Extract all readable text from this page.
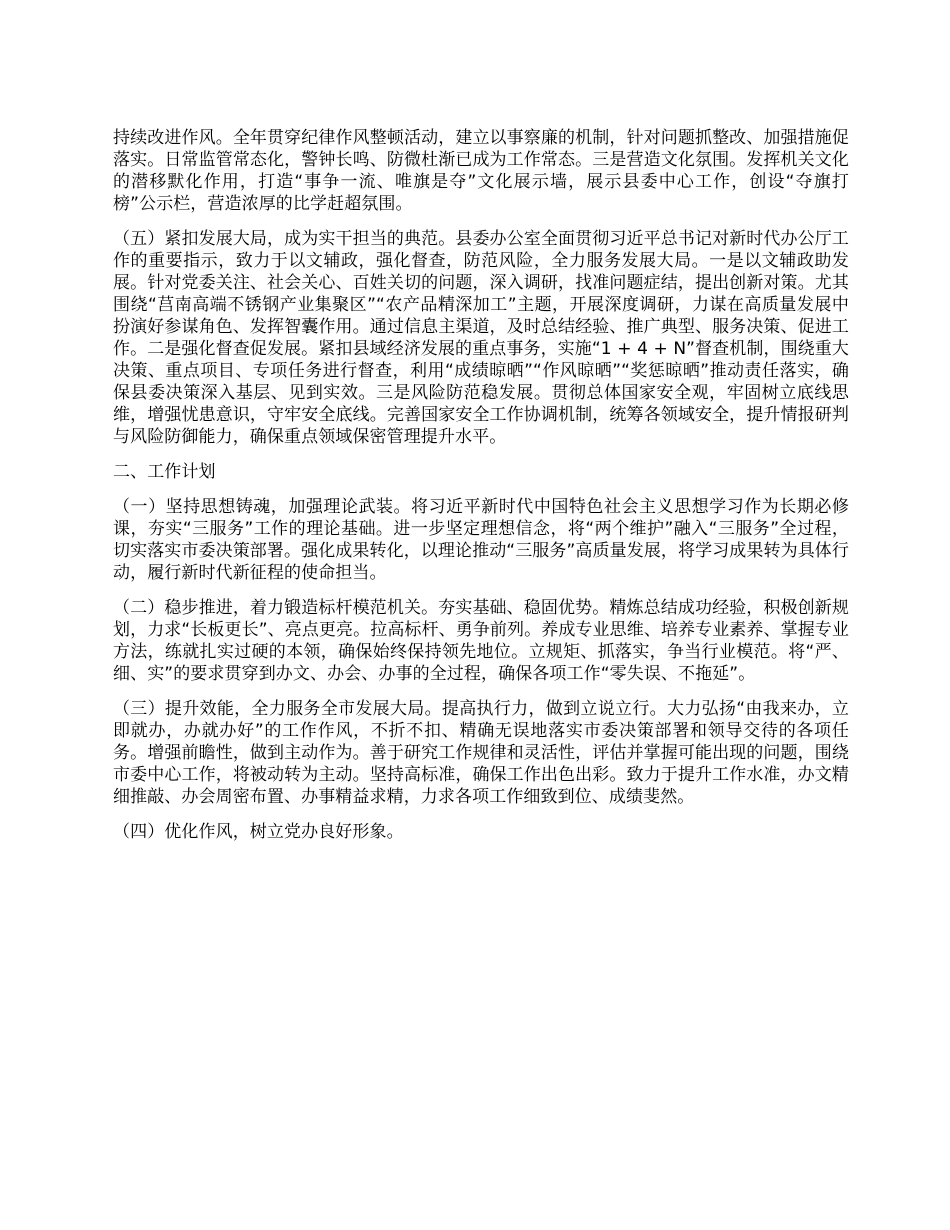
持续改进作风。全年贯穿纪律作风整顿活动，建立以事察廉的机制，针对问题抓整改、加强措施促落实。日常监管常态化，警钟长鸣、防微杜渐已成为工作常态。三是营造文化氛围。发挥机关文化的潜移默化作用，打造“事争一流、唯旗是夺”文化展示墙，展示县委中心工作，创设“夺旗打榜”公示栏，营造浓厚的比学赶超氛围。

（五）紧扣发展大局，成为实干担当的典范。县委办公室全面贯彻习近平总书记对新时代办公厅工作的重要指示，致力于以文辅政，强化督查，防范风险，全力服务发展大局。一是以文辅政助发展。针对党委关注、社会关心、百姓关切的问题，深入调研，找准问题症结，提出创新对策。尤其围绕“莒南高端不锈钢产业集聚区”“农产品精深加工”主题，开展深度调研，力谋在高质量发展中扮演好参谋角色、发挥智囊作用。通过信息主渠道，及时总结经验、推广典型、服务决策、促进工作。二是强化督查促发展。紧扣县域经济发展的重点事务，实施“1 + 4 + N”督查机制，围绕重大决策、重点项目、专项任务进行督查，利用“成绩晾晒”“作风晾晒”“奖惩晾晒”推动责任落实，确保县委决策深入基层、见到实效。三是风险防范稳发展。贯彻总体国家安全观，牢固树立底线思维，增强忧患意识，守牢安全底线。完善国家安全工作协调机制，统筹各领域安全，提升情报研判与风险防御能力，确保重点领域保密管理提升水平。

二、工作计划

（一）坚持思想铸魂，加强理论武装。将习近平新时代中国特色社会主义思想学习作为长期必修课，夯实“三服务”工作的理论基础。进一步坚定理想信念，将“两个维护”融入“三服务”全过程，切实落实市委决策部署。强化成果转化，以理论推动“三服务”高质量发展，将学习成果转为具体行动，履行新时代新征程的使命担当。

（二）稳步推进，着力锻造标杆模范机关。夯实基础、稳固优势。精炼总结成功经验，积极创新规划，力求“长板更长”、亮点更亮。拉高标杆、勇争前列。养成专业思维、培养专业素养、掌握专业方法，练就扎实过硬的本领，确保始终保持领先地位。立规矩、抓落实，争当行业模范。将“严、细、实”的要求贯穿到办文、办会、办事的全过程，确保各项工作“零失误、不拖延”。

（三）提升效能，全力服务全市发展大局。提高执行力，做到立说立行。大力弘扬“由我来办，立即就办，办就办好”的工作作风，不折不扣、精确无误地落实市委决策部署和领导交待的各项任务。增强前瞻性，做到主动作为。善于研究工作规律和灵活性，评估并掌握可能出现的问题，围绕市委中心工作，将被动转为主动。坚持高标准，确保工作出色出彩。致力于提升工作水准，办文精细推敲、办会周密布置、办事精益求精，力求各项工作细致到位、成绩斐然。

（四）优化作风，树立党办良好形象。
